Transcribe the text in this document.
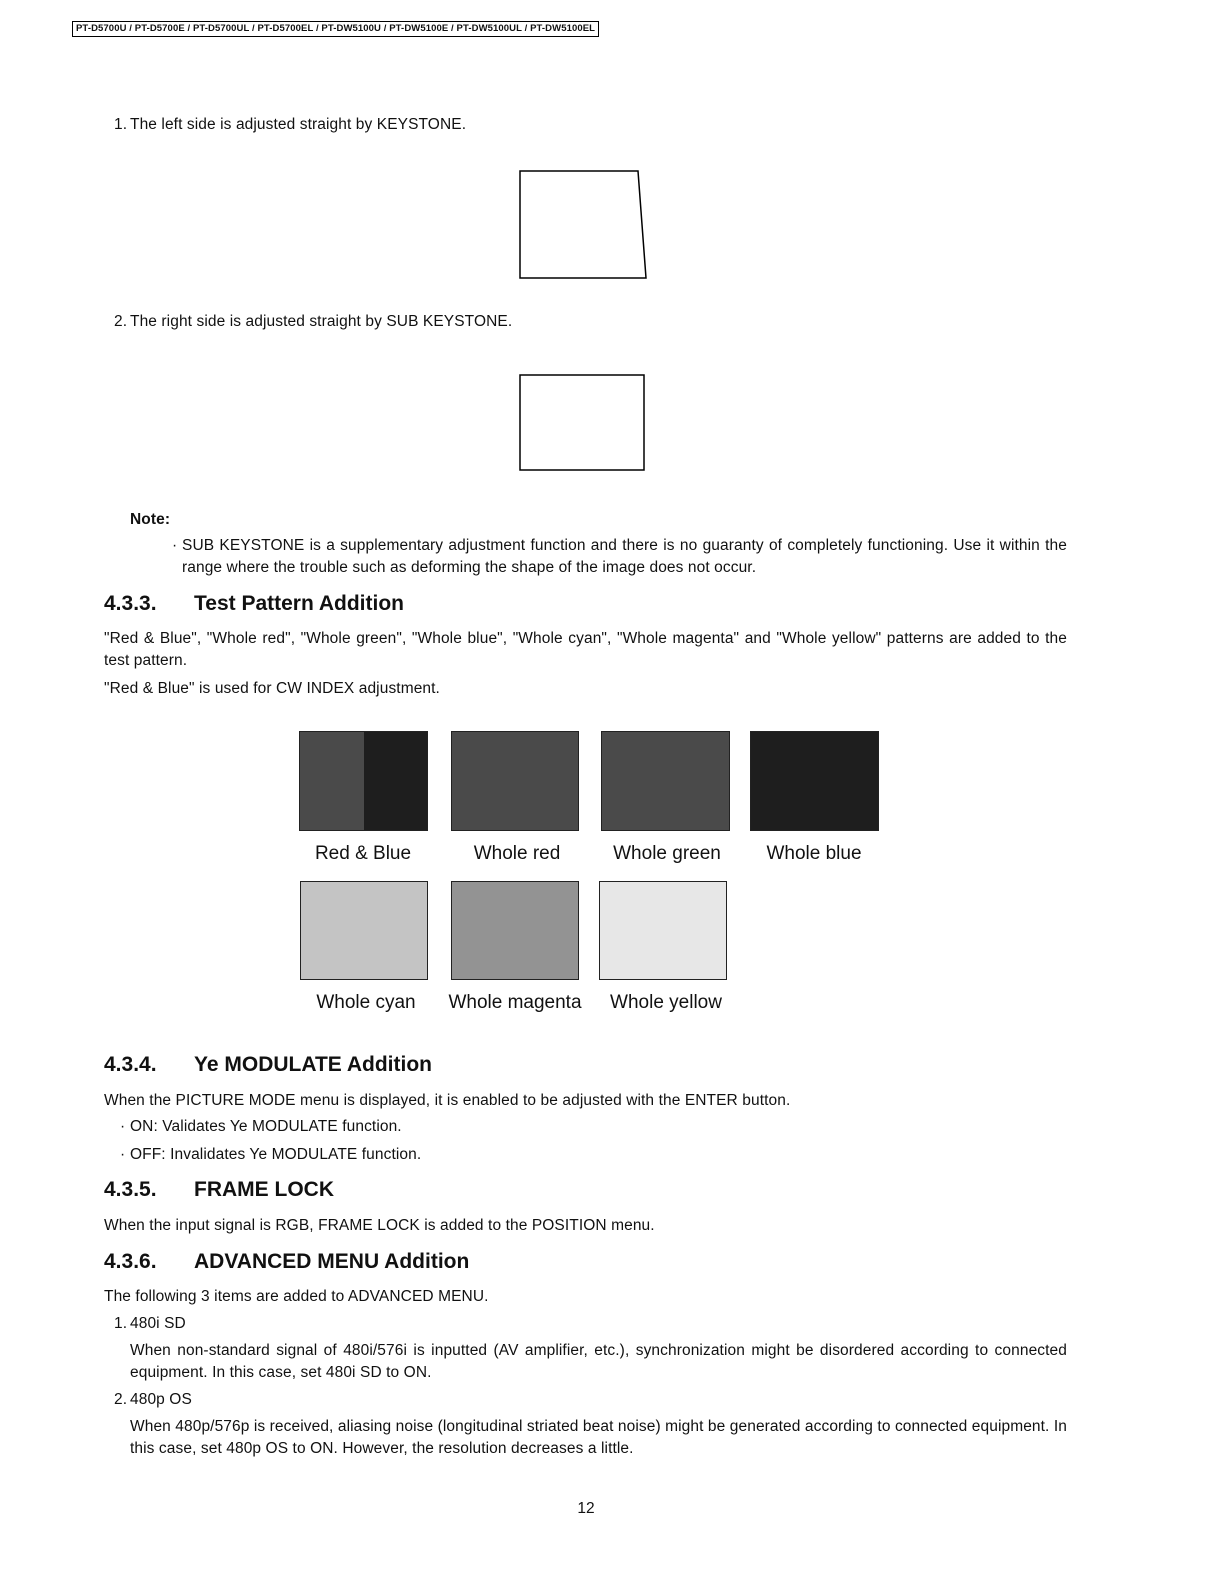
PT-D5700U / PT-D5700E / PT-D5700UL / PT-D5700EL / PT-DW5100U / PT-DW5100E / PT-DW5100UL / PT-DW5100EL
1. The left side is adjusted straight by KEYSTONE.
2. The right side is adjusted straight by SUB KEYSTONE.
Note:
· SUB KEYSTONE is a supplementary adjustment function and there is no guaranty of completely functioning. Use it within the range where the trouble such as deforming the shape of the image does not occur.
4.3.3. Test Pattern Addition
"Red & Blue", "Whole red", "Whole green", "Whole blue", "Whole cyan", "Whole magenta" and "Whole yellow" patterns are added to the test pattern.
"Red & Blue" is used for CW INDEX adjustment.
Red & Blue	Whole red	Whole green	Whole blue
Whole cyan	Whole magenta	Whole yellow
4.3.4. Ye MODULATE Addition
When the PICTURE MODE menu is displayed, it is enabled to be adjusted with the ENTER button.
· ON: Validates Ye MODULATE function.
· OFF: Invalidates Ye MODULATE function.
4.3.5. FRAME LOCK
When the input signal is RGB, FRAME LOCK is added to the POSITION menu.
4.3.6. ADVANCED MENU Addition
The following 3 items are added to ADVANCED MENU.
1. 480i SD
When non-standard signal of 480i/576i is inputted (AV amplifier, etc.), synchronization might be disordered according to connected equipment. In this case, set 480i SD to ON.
2. 480p OS
When 480p/576p is received, aliasing noise (longitudinal striated beat noise) might be generated according to connected equipment. In this case, set 480p OS to ON. However, the resolution decreases a little.
12
